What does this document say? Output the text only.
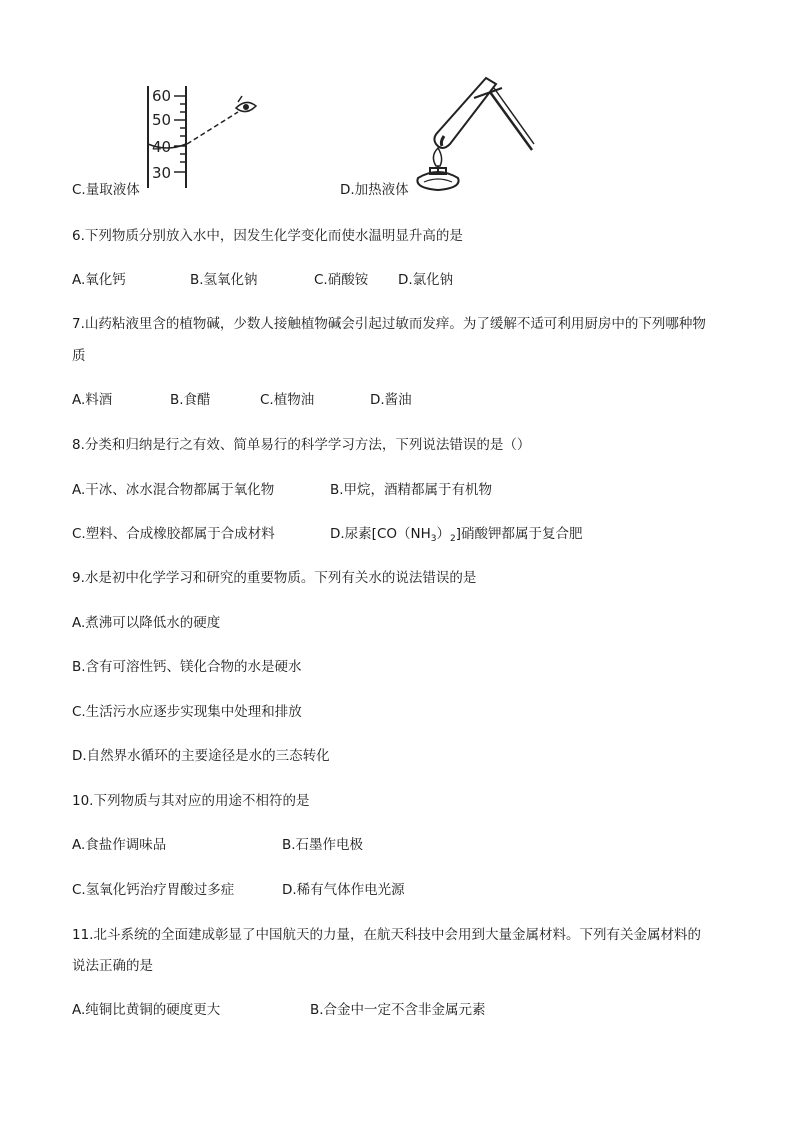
60
50
40
30
C.量取液体	D.加热液体
6.下列物质分别放入水中，因发生化学变化而使水温明显升高的是
A.氧化钙	B.氢氧化钠	C.硝酸铵 D.氯化钠
7.山药粘液里含的植物碱，少数人接触植物碱会引起过敏而发痒。为了缓解不适可利用厨房中的下列哪种物
质
A.料酒	B.食醋	C.植物油	D.酱油
8.分类和归纳是行之有效、简单易行的科学学习方法，下列说法错误的是（）
A.干冰、冰水混合物都属于氧化物	B.甲烷，酒精都属于有机物
C.塑料、合成橡胶都属于合成材料	D.尿素$[CO(NH_3)_2]$硝酸钾都属于复合肥
9.水是初中化学学习和研究的重要物质。下列有关水的说法错误的是
A.煮沸可以降低水的硬度
B.含有可溶性钙、镁化合物的水是硬水
C.生活污水应逐步实现集中处理和排放
D.自然界水循环的主要途径是水的三态转化
10.下列物质与其对应的用途不相符的是
A.食盐作调味品	B.石墨作电极
C.氢氧化钙治疗胃酸过多症	D.稀有气体作电光源
11.北斗系统的全面建成彰显了中国航天的力量，在航天科技中会用到大量金属材料。下列有关金属材料的
说法正确的是
A.纯铜比黄铜的硬度更大	B.合金中一定不含非金属元素
